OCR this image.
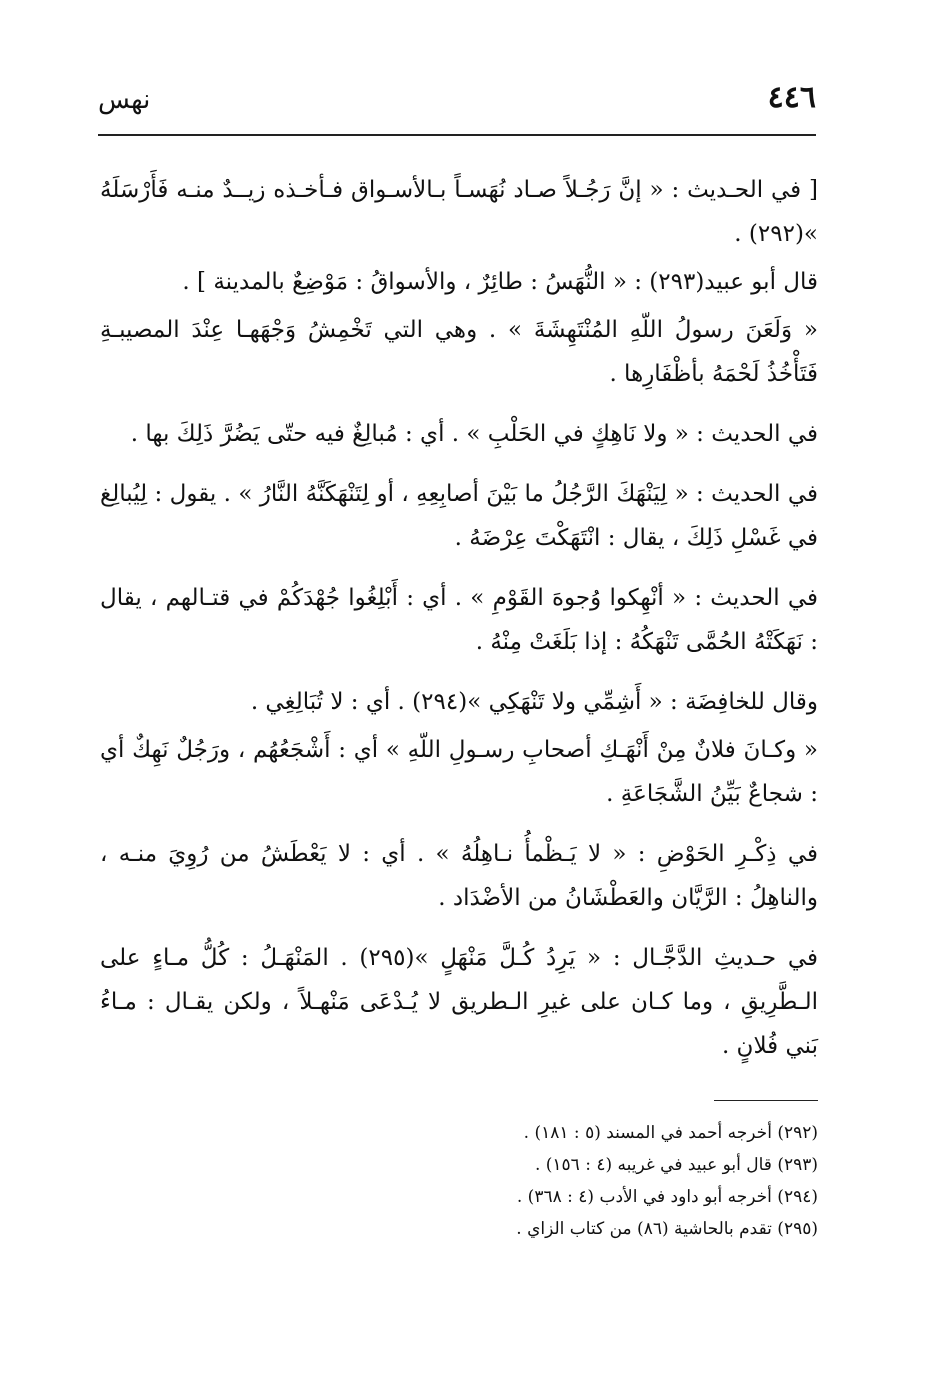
٤٤٦
نهس

[ في الحـديث : « إنَّ رَجُـلاً صـاد نُهَسـاً بـالأسـواق فـأخـذه زيــدٌ منـه فَأَرْسَلَهُ »(٢٩٢) .

قال أبو عبيد(٢٩٣) : « النُّهَسُ : طائِرٌ ، والأسواقُ : مَوْضِعٌ بالمدينة ] .

« وَلَعَنَ رسولُ اللّهِ المُنْتَهِشَةَ » . وهي التي تَخْمِشُ وَجْهَهـا عِنْدَ المصيبـةِ فَتَأْخُذُ لَحْمَهُ بأظْفَارِها .

في الحديث : « ولا نَاهِكٍ في الحَلْبِ » . أي : مُبالِغٌ فيه حتّى يَضُرَّ ذَلِكَ بها .

في الحديث : « لِيَنْهَكَ الرَّجُلُ ما بَيْنَ أصابِعِهِ ، أو لِتَنْهَكَنَّهُ النَّارُ » . يقول : لِيُبالِغ في غَسْلِ ذَلِكَ ، يقال : انْتَهَكْتَ عِرْضَهُ .

في الحديث : « أنْهِكوا وُجوهَ القَوْمِ » . أي : أَبْلِغُوا جُهْدَكُمْ في قتـالهم ، يقال : نَهَكَتْهُ الحُمَّى تَنْهَكُهُ : إذا بَلَغَتْ مِنْهُ .

وقال للخافِضَة : « أَشِمِّي ولا تَنْهَكِي »(٢٩٤) . أي : لا تُبَالِغِي .

« وكـانَ فلانٌ مِنْ أَنْهَـكِ أصحابِ رسـولِ اللّهِ » أي : أَشْجَعُهُم ، ورَجُلٌ نَهِكٌ أي : شجاعٌ بَيِّنُ الشَّجَاعَةِ .

في ذِكْـرِ الحَوْضِ : « لا يَـظْمأُ نـاهِلُهُ » . أي : لا يَعْطَشُ من رُوِيَ منـه ، والناهِلُ : الرَّيَّان والعَطْشَانُ من الأضْدَاد .

في حـديثِ الدَّجَّـال : « يَرِدُ كُـلَّ مَنْهَلٍ »(٢٩٥) . المَنْهَـلُ : كُلُّ مـاءٍ على الـطَّرِيقِ ، وما كـان على غيرِ الـطريق لا يُـدْعَى مَنْهـلاً ، ولكن يقـال : مـاءُ بَني فُلانٍ .

(٢٩٢) أخرجه أحمد في المسند (٥ : ١٨١) .

(٢٩٣) قال أبو عبيد في غريبه (٤ : ١٥٦) .

(٢٩٤) أخرجه أبو داود في الأدب (٤ : ٣٦٨) .

(٢٩٥) تقدم بالحاشية (٨٦) من كتاب الزاي .
